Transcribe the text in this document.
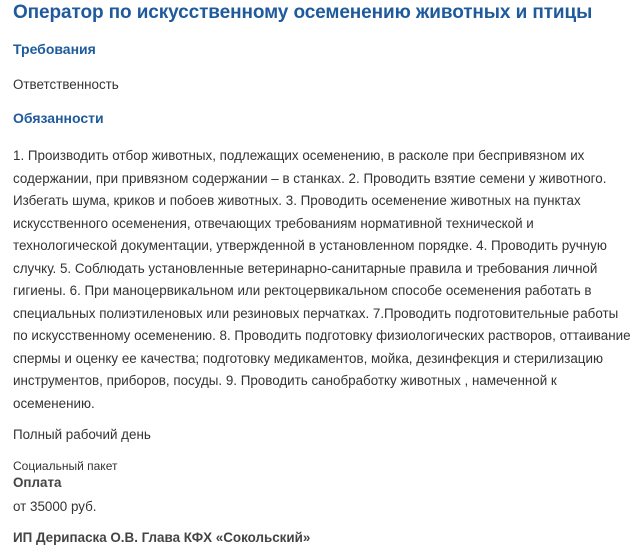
Оператор по искусственному осеменению животных и птицы
Требования

Ответственность

Обязанности

1. Производить отбор животных, подлежащих осеменению, в расколе при беспривязном их содержании, при привязном содержании – в станках. 2. Проводить взятие семени у животного. Избегать шума, криков и побоев животных. 3. Проводить осеменение животных на пунктах искусственного осеменения, отвечающих требованиям нормативной технической и технологической документации, утвержденной в установленном порядке. 4. Проводить ручную случку. 5. Соблюдать установленные ветеринарно-санитарные правила и требования личной гигиены. 6. При маноцервикальном или ректоцервикальном способе осеменения работать в специальных полиэтиленовых или резиновых перчатках. 7.Проводить подготовительные работы по искусственному осеменению. 8. Проводить подготовку физиологических растворов, оттаивание спермы и оценку ее качества; подготовку медикаментов, мойка, дезинфекция и стерилизацию инструментов, приборов, посуды. 9. Проводить санобработку животных , намеченной к осеменению.

Полный рабочий день

Социальный пакет

Оплата

от 35000 руб.

ИП Дерипаска О.В. Глава КФХ «Сокольский»
